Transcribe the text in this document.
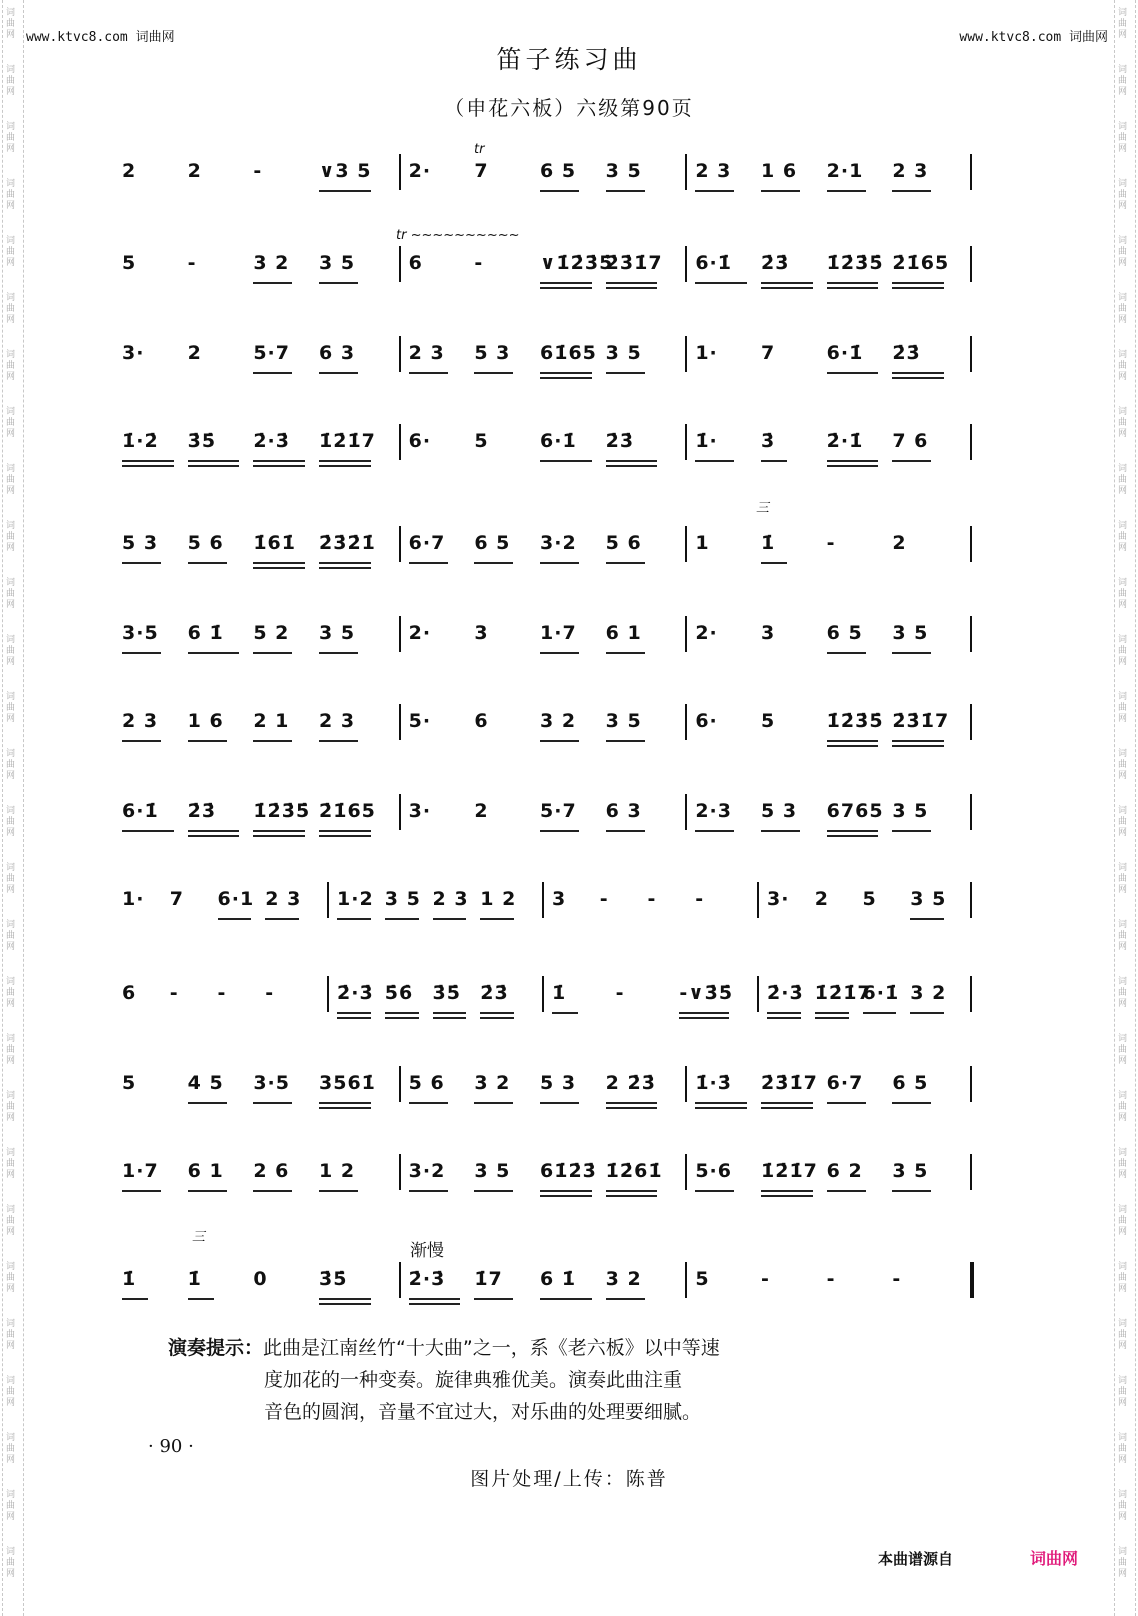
词
曲
网
词
曲
网
词
曲
网
词
曲
网
词
曲
网
词
曲
网
词
曲
网
词
曲
网
词
曲
网
词
曲
网
词
曲
网
词
曲
网
词
曲
网
词
曲
网
词
曲
网
词
曲
网
词
曲
网
词
曲
网
词
曲
网
词
曲
网
词
曲
网
词
曲
网
词
曲
网
词
曲
网
词
曲
网
词
曲
网
词
曲
网
词
曲
网
词
曲
网
词
曲
网
词
曲
网
词
曲
网
词
曲
网
词
曲
网
词
曲
网
词
曲
网
词
曲
网
词
曲
网
词
曲
网
词
曲
网
词
曲
网
词
曲
网
词
曲
网
词
曲
网
词
曲
网
词
曲
网
词
曲
网
词
曲
网
词
曲
网
词
曲
网
词
曲
网
词
曲
网
词
曲
网
词
曲
网
词
曲
网
词
曲
网
www.ktvc8.com 词曲网	www.ktvc8.com 词曲网
笛子练习曲
（申花六板）六级第90页
2	2	-	∨3 5 2· 7	6 5 3 5	2 3 1 6 2·1 2 3
5	-	3 2 3 5	6	-	∨1̇2̇3̇5̇
2̇3̇1̇7 6·1̇ 2̇3̇ 1̇2̇3̇5̇ 2̇1̇65
3· 2	5·7 6 3	2 3 5 3 61̇65 3 5	1· 7	6·1̇ 2̇3̇
1̇·2̇ 3̇5̇ 2̇·3̇ 1̇2̇1̇7 6· 5	6·1̇ 2̇3̇	1̇· 3̇	2̇·1̇ 7 6
5 3 5 6 1̇61̇ 2̇3̇2̇1̇ 6·7 6 5 3·2 5 6	1	1̇	-	2
3·5 6 1̇ 5 2 3 5	2· 3	1·7 6 1	2· 3	6 5 3 5
2 3 1 6 2 1 2 3	5· 6	3 2 3 5	6· 5	1̇2̇3̇5̇ 2̇3̇1̇7
6·1̇ 2̇3̇ 1̇2̇3̇5̇ 2̇1̇65 3· 2	5·7 6 3	2·3 5 3 6765 3 5
1· 7 6·1 2 3 1·2 3 5 2 3 1 2 3 - - -	3· 2 5 3 5
6 - - -	2̇·3̇ 5̇6̇ 3̇5̇ 2̇3̇ 1̇	-	-∨3̇5̇ 2̇·3̇ 1̇2̇1̇7
6·1̇ 3 2
5	4 5 3·5 3561̇ 5 6 3 2 5 3 2 2̇3̇ 1̇·3̇ 2̇3̇1̇7 6·7 6 5
1·7 6 1 2 6 1 2	3·2 3 5 61̇2̇3̇ 1̇2̇61̇ 5·6 1̇2̇1̇7 6 2 3 5
1̇	1̇	0	3̇5̇	2̇·3̇ 1̇7 6 1̇ 3 2	5	-	-	-
tr
tr ~~~~~~~~~~
三
三
渐慢
演奏提示：此曲是江南丝竹“十大曲”之一，系《老六板》以中等速
度加花的一种变奏。旋律典雅优美。演奏此曲注重
音色的圆润，音量不宜过大，对乐曲的处理要细腻。
· 90 ·
图片处理/上传：陈普
本曲谱源自	词曲网
